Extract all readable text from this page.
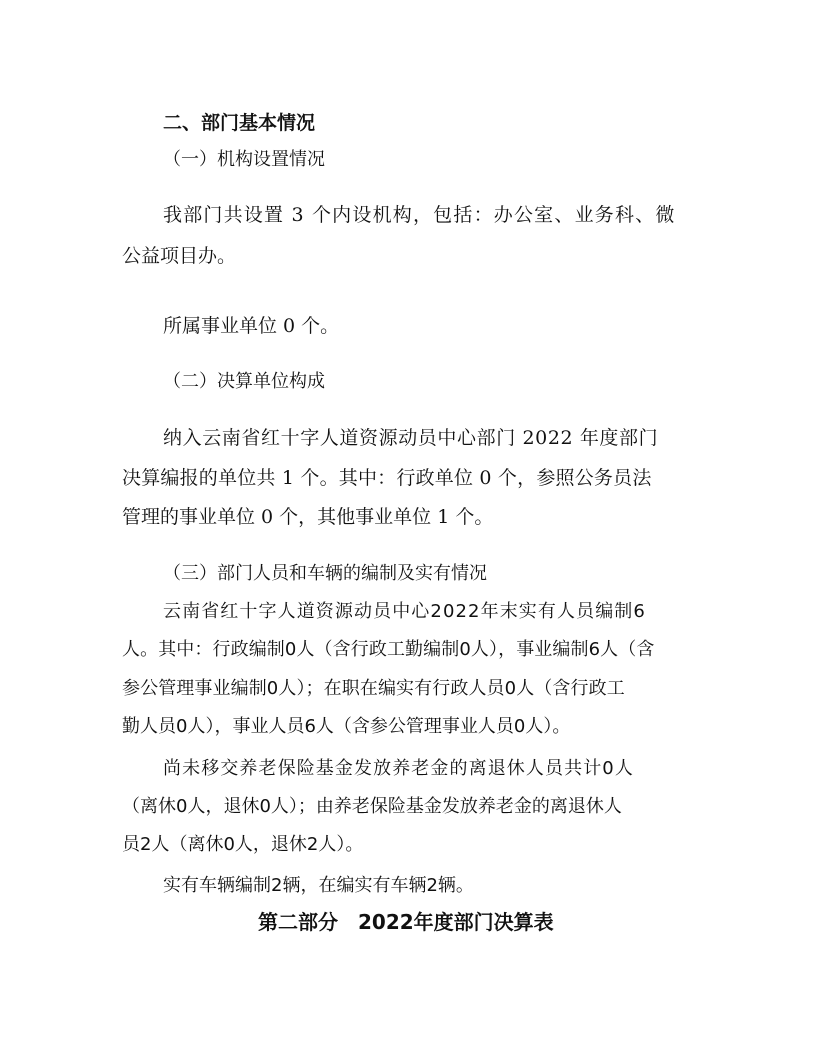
二、部门基本情况
（一）机构设置情况
我部门共设置 3 个内设机构，包括：办公室、业务科、微
公益项目办。
所属事业单位 0 个。
（二）决算单位构成
纳入云南省红十字人道资源动员中心部门 2022 年度部门
决算编报的单位共 1 个。其中：行政单位 0 个，参照公务员法
管理的事业单位 0 个，其他事业单位 1 个。
（三）部门人员和车辆的编制及实有情况
云南省红十字人道资源动员中心2022年末实有人员编制6
人。其中：行政编制0人（含行政工勤编制0人），事业编制6人（含
参公管理事业编制0人）；在职在编实有行政人员0人（含行政工
勤人员0人），事业人员6人（含参公管理事业人员0人）。
尚未移交养老保险基金发放养老金的离退休人员共计0人
（离休0人，退休0人）；由养老保险基金发放养老金的离退休人
员2人（离休0人，退休2人）。
实有车辆编制2辆，在编实有车辆2辆。
第二部分　2022年度部门决算表
